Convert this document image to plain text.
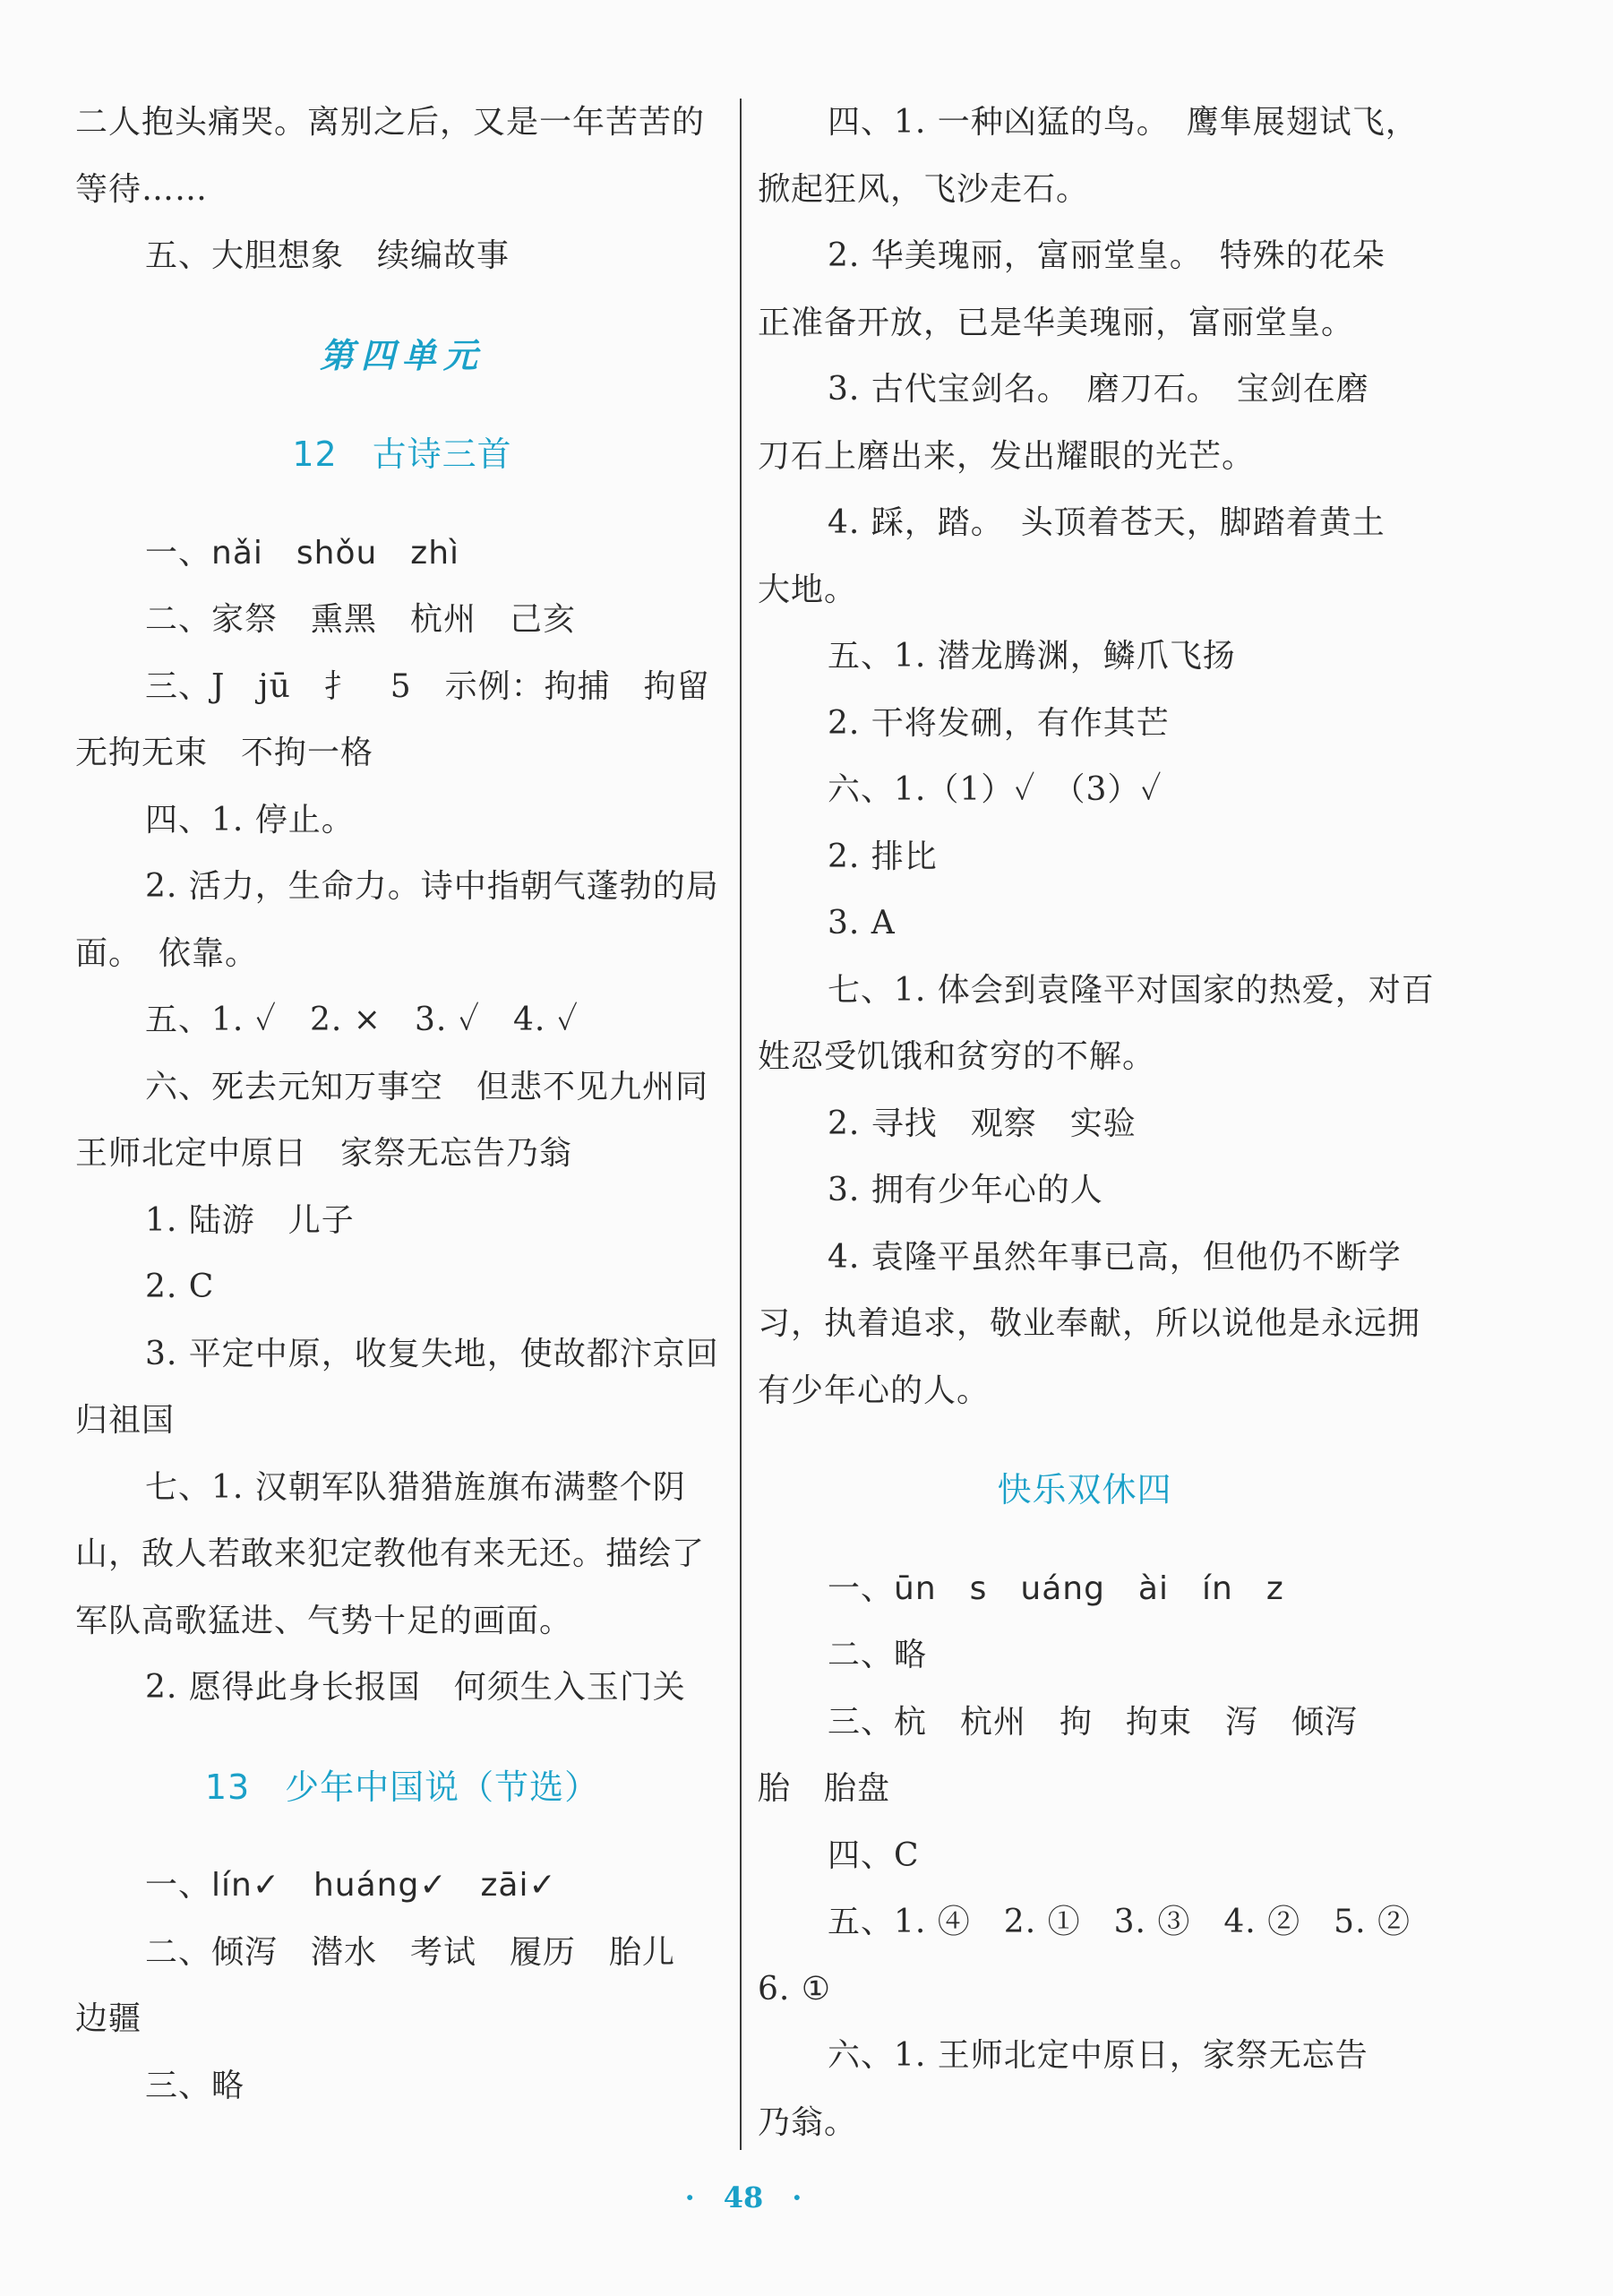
二人抱头痛哭。离别之后，又是一年苦苦的
等待……
五、大胆想象　续编故事
第四单元
12　古诗三首
一、nǎi　shǒu　zhì
二、家祭　熏黑　杭州　己亥
三、J　jū　扌　5　示例：拘捕　拘留
无拘无束　不拘一格
四、1. 停止。
2. 活力，生命力。诗中指朝气蓬勃的局
面。　依靠。
五、1. ✓　2. ×　3. ✓　4. ✓
六、死去元知万事空　但悲不见九州同
王师北定中原日　家祭无忘告乃翁
1. 陆游　儿子
2. C
3. 平定中原，收复失地，使故都汴京回
归祖国
七、1. 汉朝军队猎猎旌旗布满整个阴
山，敌人若敢来犯定教他有来无还。描绘了
军队高歌猛进、气势十足的画面。
2. 愿得此身长报国　何须生入玉门关
13　少年中国说（节选）
一、lín✓　huáng✓　zāi✓
二、倾泻　潜水　考试　履历　胎儿
边疆
三、略
四、1. 一种凶猛的鸟。　鹰隼展翅试飞，
掀起狂风，飞沙走石。
2. 华美瑰丽，富丽堂皇。　特殊的花朵
正准备开放，已是华美瑰丽，富丽堂皇。
3. 古代宝剑名。　磨刀石。　宝剑在磨
刀石上磨出来，发出耀眼的光芒。
4. 踩，踏。　头顶着苍天，脚踏着黄土
大地。
五、1. 潜龙腾渊，鳞爪飞扬
2. 干将发硎，有作其芒
六、1.（1）✓　（3）✓
2. 排比
3. A
七、1. 体会到袁隆平对国家的热爱，对百
姓忍受饥饿和贫穷的不解。
2. 寻找　观察　实验
3. 拥有少年心的人
4. 袁隆平虽然年事已高，但他仍不断学
习，执着追求，敬业奉献，所以说他是永远拥
有少年心的人。
快乐双休四
一、ūn　s　uáng　ài　ín　z
二、略
三、杭　杭州　拘　拘束　泻　倾泻
胎　胎盘
四、C
五、1. ④　2. ①　3. ③　4. ②　5. ②
6. ①
六、1. 王师北定中原日，家祭无忘告
乃翁。
·　48　·
